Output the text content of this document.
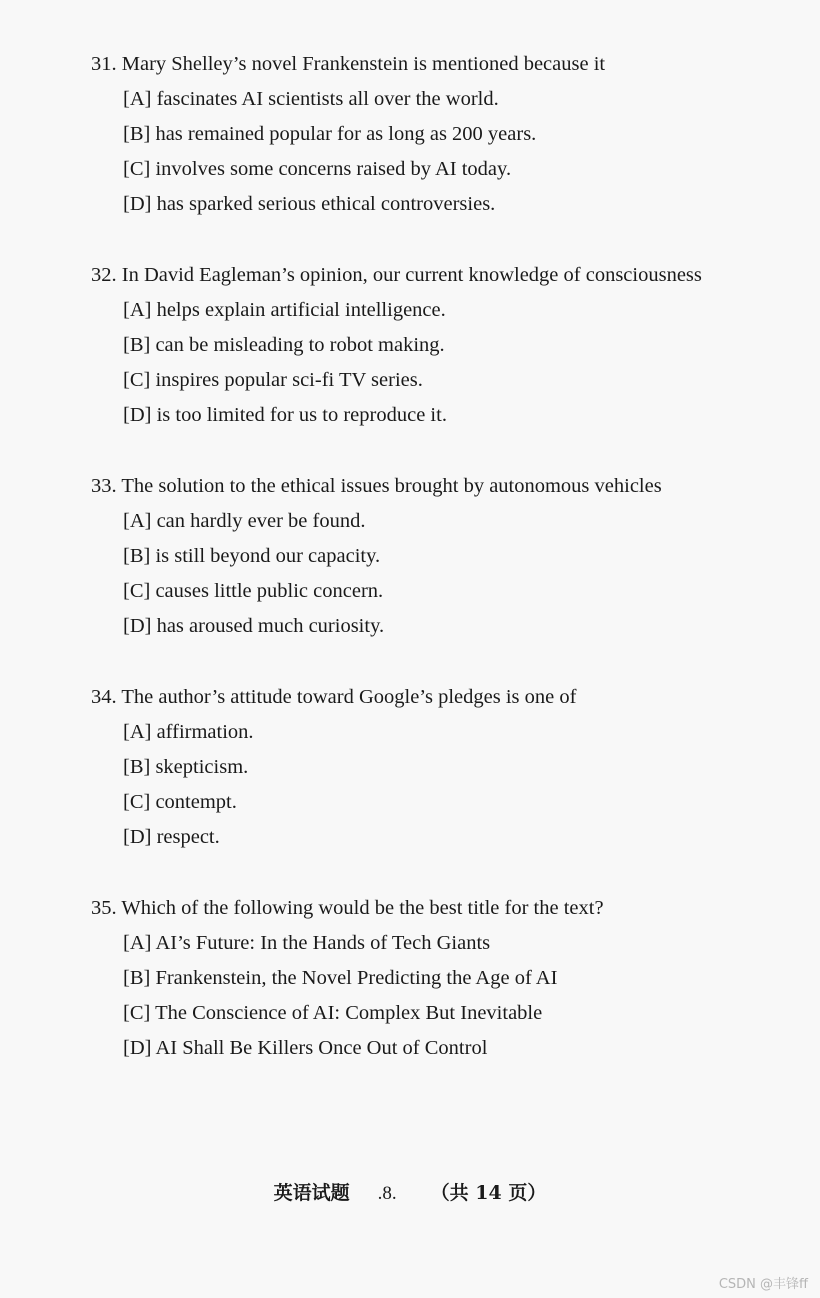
31. Mary Shelley’s novel Frankenstein is mentioned because it
[A] fascinates AI scientists all over the world.
[B] has remained popular for as long as 200 years.
[C] involves some concerns raised by AI today.
[D] has sparked serious ethical controversies.
32. In David Eagleman’s opinion, our current knowledge of consciousness
[A] helps explain artificial intelligence.
[B] can be misleading to robot making.
[C] inspires popular sci-fi TV series.
[D] is too limited for us to reproduce it.
33. The solution to the ethical issues brought by autonomous vehicles
[A] can hardly ever be found.
[B] is still beyond our capacity.
[C] causes little public concern.
[D] has aroused much curiosity.
34. The author’s attitude toward Google’s pledges is one of
[A] affirmation.
[B] skepticism.
[C] contempt.
[D] respect.
35. Which of the following would be the best title for the text?
[A] AI’s Future: In the Hands of Tech Giants
[B] Frankenstein, the Novel Predicting the Age of AI
[C] The Conscience of AI: Complex But Inevitable
[D] AI Shall Be Killers Once Out of Control
英语试题 .8. （共 14 页）
CSDN @丰锋ff
